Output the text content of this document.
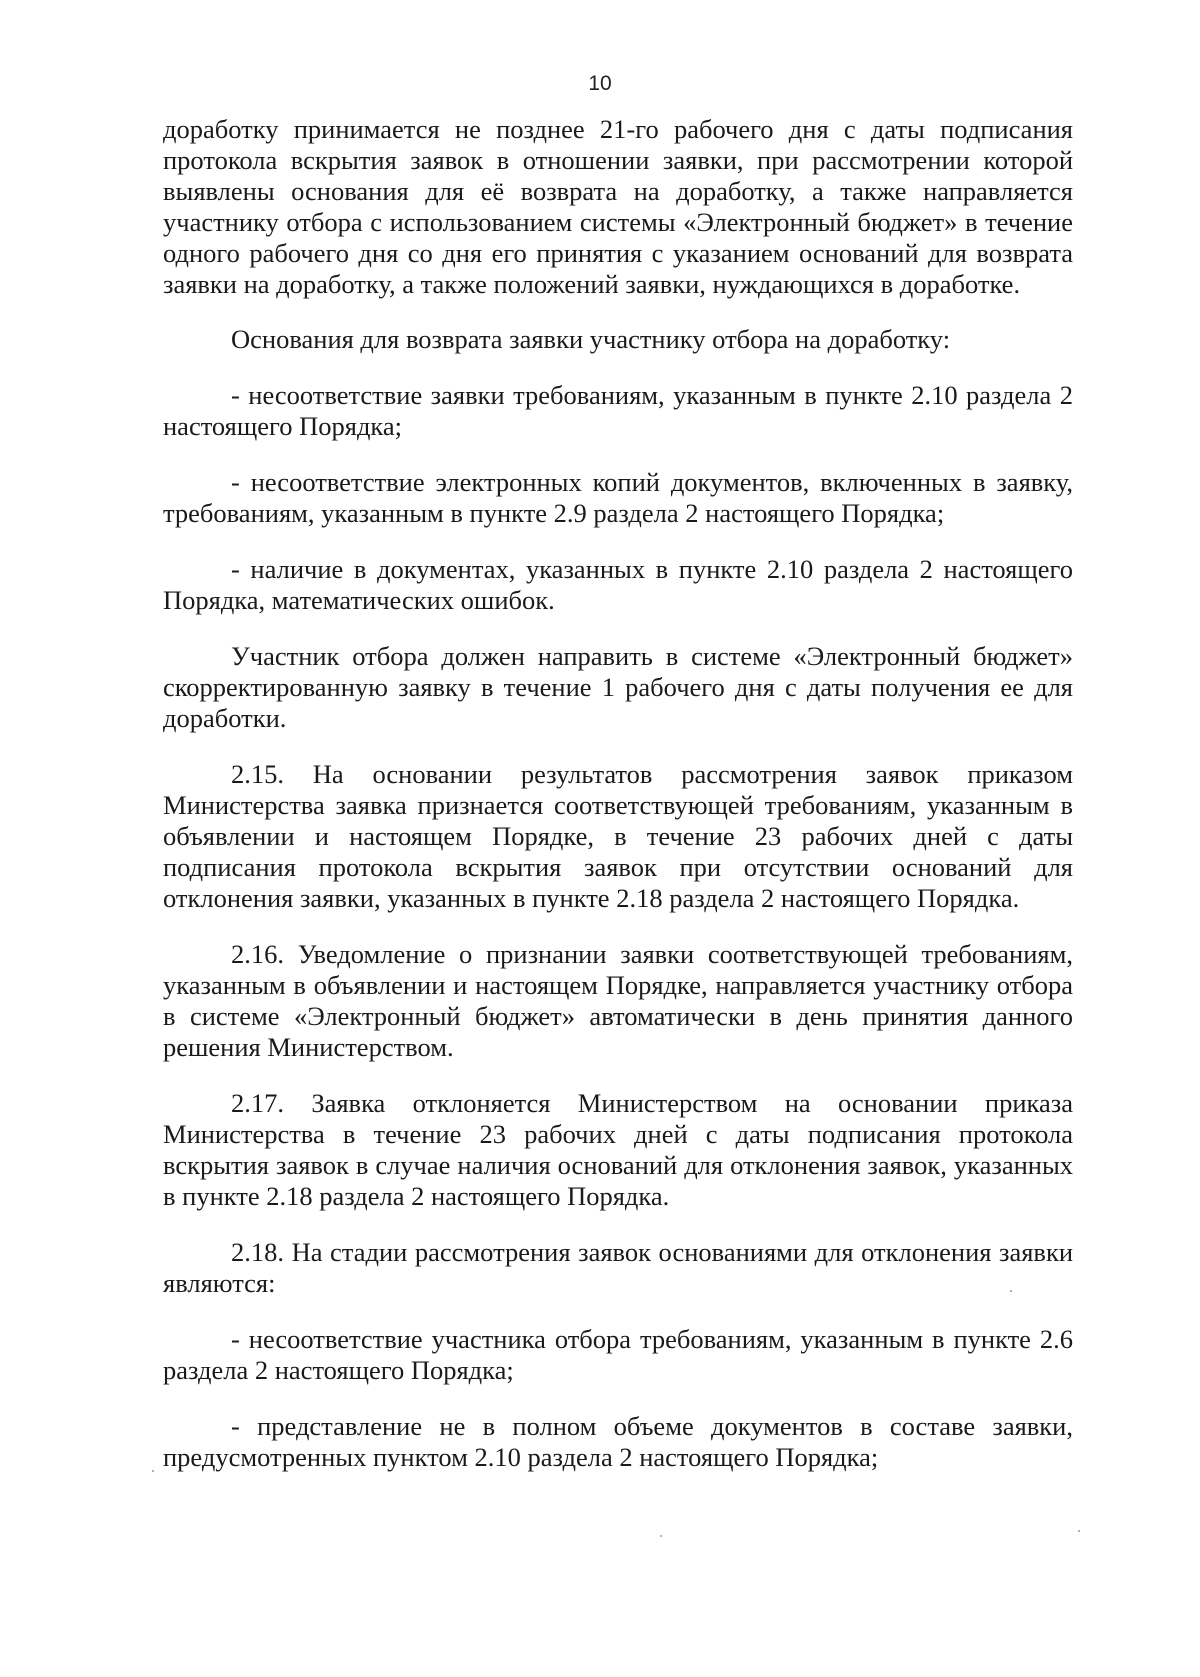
10

доработку принимается не позднее 21-го рабочего дня с даты подписания протокола вскрытия заявок в отношении заявки, при рассмотрении которой выявлены основания для её возврата на доработку, а также направляется участнику отбора с использованием системы «Электронный бюджет» в течение одного рабочего дня со дня его принятия с указанием оснований для возврата заявки на доработку, а также положений заявки, нуждающихся в доработке.

Основания для возврата заявки участнику отбора на доработку:

- несоответствие заявки требованиям, указанным в пункте 2.10 раздела 2 настоящего Порядка;

- несоответствие электронных копий документов, включенных в заявку, требованиям, указанным в пункте 2.9 раздела 2 настоящего Порядка;

- наличие в документах, указанных в пункте 2.10 раздела 2 настоящего Порядка, математических ошибок.

Участник отбора должен направить в системе «Электронный бюджет» скорректированную заявку в течение 1 рабочего дня с даты получения ее для доработки.

2.15. На основании результатов рассмотрения заявок приказом Министерства заявка признается соответствующей требованиям, указанным в объявлении и настоящем Порядке, в течение 23 рабочих дней с даты подписания протокола вскрытия заявок при отсутствии оснований для отклонения заявки, указанных в пункте 2.18 раздела 2 настоящего Порядка.

2.16. Уведомление о признании заявки соответствующей требованиям, указанным в объявлении и настоящем Порядке, направляется участнику отбора в системе «Электронный бюджет» автоматически в день принятия данного решения Министерством.

2.17. Заявка отклоняется Министерством на основании приказа Министерства в течение 23 рабочих дней с даты подписания протокола вскрытия заявок в случае наличия оснований для отклонения заявок, указанных в пункте 2.18 раздела 2 настоящего Порядка.

2.18. На стадии рассмотрения заявок основаниями для отклонения заявки являются:

- несоответствие участника отбора требованиям, указанным в пункте 2.6 раздела 2 настоящего Порядка;

- представление не в полном объеме документов в составе заявки, предусмотренных пунктом 2.10 раздела 2 настоящего Порядка;
